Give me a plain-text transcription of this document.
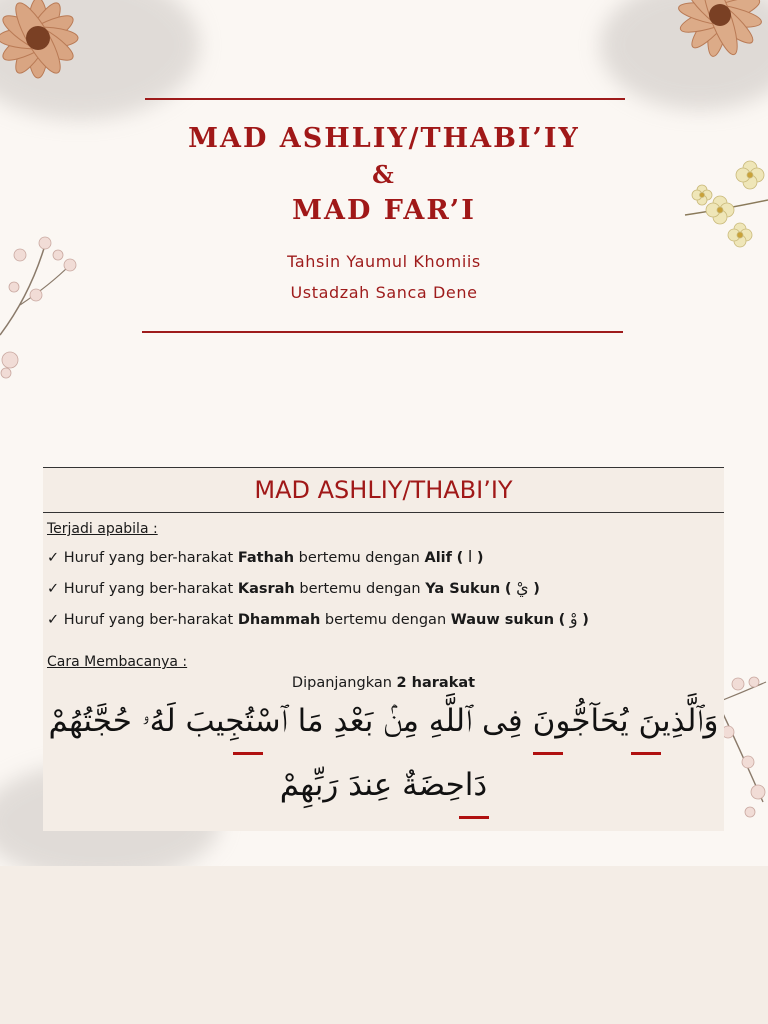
MAD ASHLIY/THABI’IY
&
MAD FAR’I
Tahsin Yaumul Khomiis
Ustadzah Sanca Dene
MAD ASHLIY/THABI’IY
Terjadi apabila :
✓ Huruf yang ber-harakat Fathah bertemu dengan Alif ( ا )
✓ Huruf yang ber-harakat Kasrah bertemu dengan Ya Sukun ( يْ )
✓ Huruf yang ber-harakat Dhammah bertemu dengan Wauw sukun ( وْ )
Cara Membacanya :
Dipanjangkan 2 harakat
وَٱلَّذِينَ يُحَآجُّونَ فِى ٱللَّهِ مِنۢ بَعْدِ مَا ٱسْتُجِيبَ لَهُۥ حُجَّتُهُمْ
دَاحِضَةٌ عِندَ رَبِّهِمْ
